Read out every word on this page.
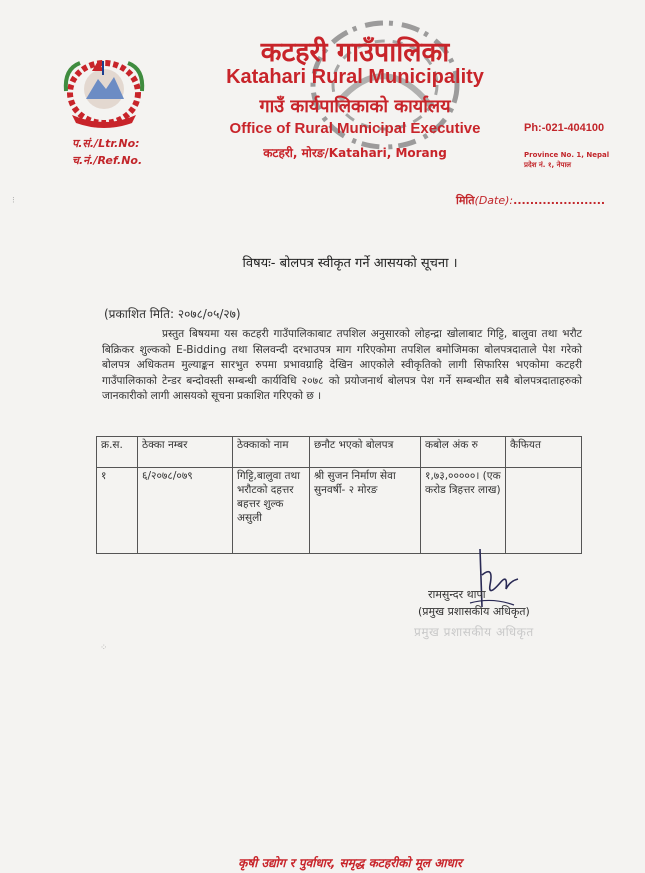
प.सं./Ltr.No:
च.नं./Ref.No.
कटहरी गाउँपालिका
Katahari Rural Municipality
गाउँ कार्यपालिकाको कार्यालय
Office of Rural Municipal Executive
कटहरी, मोरङ/Katahari, Morang
Ph:-021-404100
Province No. 1, Nepal
प्रदेश नं. १, नेपाल
मिति(Date):......................
⁝
⁘
विषयः- बोलपत्र स्वीकृत गर्ने आसयको सूचना ।
(प्रकाशित मिति: २०७८/०५/२७)
प्रस्तुत बिषयमा यस कटहरी गाउँपालिकाबाट तपशिल अनुसारको लोहन्द्रा खोलाबाट गिट्टि, बालुवा तथा भरौट बिक्रिकर शुल्कको E-Bidding तथा सिलवन्दी दरभाउपत्र माग गरिएकोमा तपशिल बमोजिमका बोलपत्रदाताले पेश गरेको बोलपत्र अधिकतम मुल्याङ्कन सारभुत रुपमा प्रभावग्राहि देखिन आएकोले स्वीकृतिको लागी सिफारिस भएकोमा कटहरी गाउँपालिकाको टेन्डर बन्दोवस्ती सम्बन्धी कार्यविधि २०७८ को प्रयोजनार्थ बोलपत्र पेश गर्ने सम्बन्धीत सबै बोलपत्रदाताहरुको जानकारीको लागी आसयको सूचना प्रकाशित गरिएको छ ।
क्र.स.	ठेक्का नम्बर	ठेक्काको नाम	छनौट भएको बोलपत्र	कबोल अंक रु	कैफियत
१	६/२०७८/०७९	गिट्टि,बालुवा तथा भरौटको दहत्तर बहत्तर शुल्क असुली	श्री सुजन निर्माण सेवा सुनवर्षी- २ मोरङ	१,७३,०००००। (एक करोड त्रिहत्तर लाख)	
रामसुन्दर थापा
(प्रमुख प्रशासकीय अधिकृत)
प्रमुख प्रशासकीय अधिकृत
कृषी उद्योग र पुर्वाधार, समृद्ध कटहरीको मूल आधार
